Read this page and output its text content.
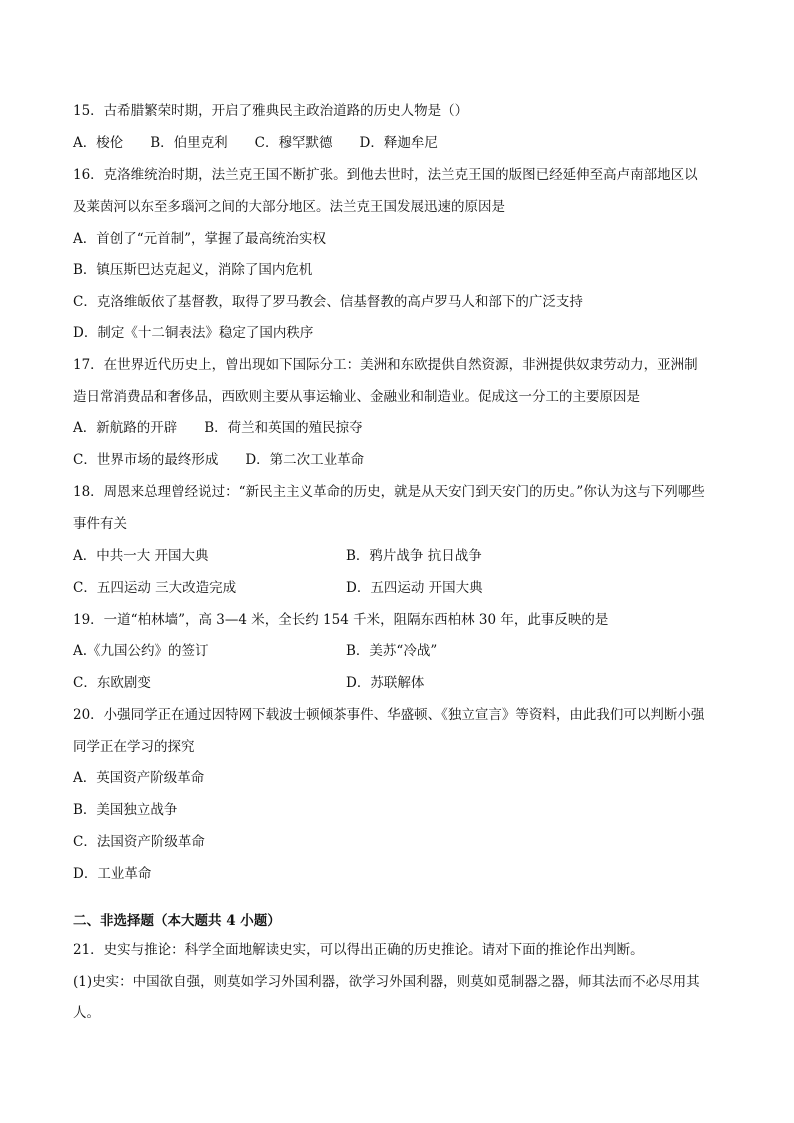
15．古希腊繁荣时期，开启了雅典民主政治道路的历史人物是（）
A．梭伦　　B．伯里克利　　C．穆罕默德　　D．释迦牟尼
16．克洛维统治时期，法兰克王国不断扩张。到他去世时，法兰克王国的版图已经延伸至高卢南部地区以
及莱茵河以东至多瑙河之间的大部分地区。法兰克王国发展迅速的原因是
A．首创了“元首制”，掌握了最高统治实权
B．镇压斯巴达克起义，消除了国内危机
C．克洛维皈依了基督教，取得了罗马教会、信基督教的高卢罗马人和部下的广泛支持
D．制定《十二铜表法》稳定了国内秩序
17．在世界近代历史上，曾出现如下国际分工：美洲和东欧提供自然资源，非洲提供奴隶劳动力，亚洲制
造日常消费品和奢侈品，西欧则主要从事运输业、金融业和制造业。促成这一分工的主要原因是
A．新航路的开辟　　B．荷兰和英国的殖民掠夺
C．世界市场的最终形成　　D．第二次工业革命
18．周恩来总理曾经说过：“新民主主义革命的历史，就是从天安门到天安门的历史。”你认为这与下列哪些
事件有关
A．中共一大 开国大典	B．鸦片战争 抗日战争
C．五四运动 三大改造完成	D．五四运动 开国大典
19．一道“柏林墙”，高 3—4 米，全长约 154 千米，阻隔东西柏林 30 年，此事反映的是
A.《九国公约》的签订	B．美苏“冷战”
C．东欧剧变	D．苏联解体
20．小强同学正在通过因特网下载波士顿倾茶事件、华盛顿、《独立宣言》等资料，由此我们可以判断小强
同学正在学习的探究
A．英国资产阶级革命
B．美国独立战争
C．法国资产阶级革命
D．工业革命
二、非选择题（本大题共 4 小题）
21．史实与推论：科学全面地解读史实，可以得出正确的历史推论。请对下面的推论作出判断。
(1)史实：中国欲自强，则莫如学习外国利器，欲学习外国利器，则莫如觅制器之器，师其法而不必尽用其
人。
